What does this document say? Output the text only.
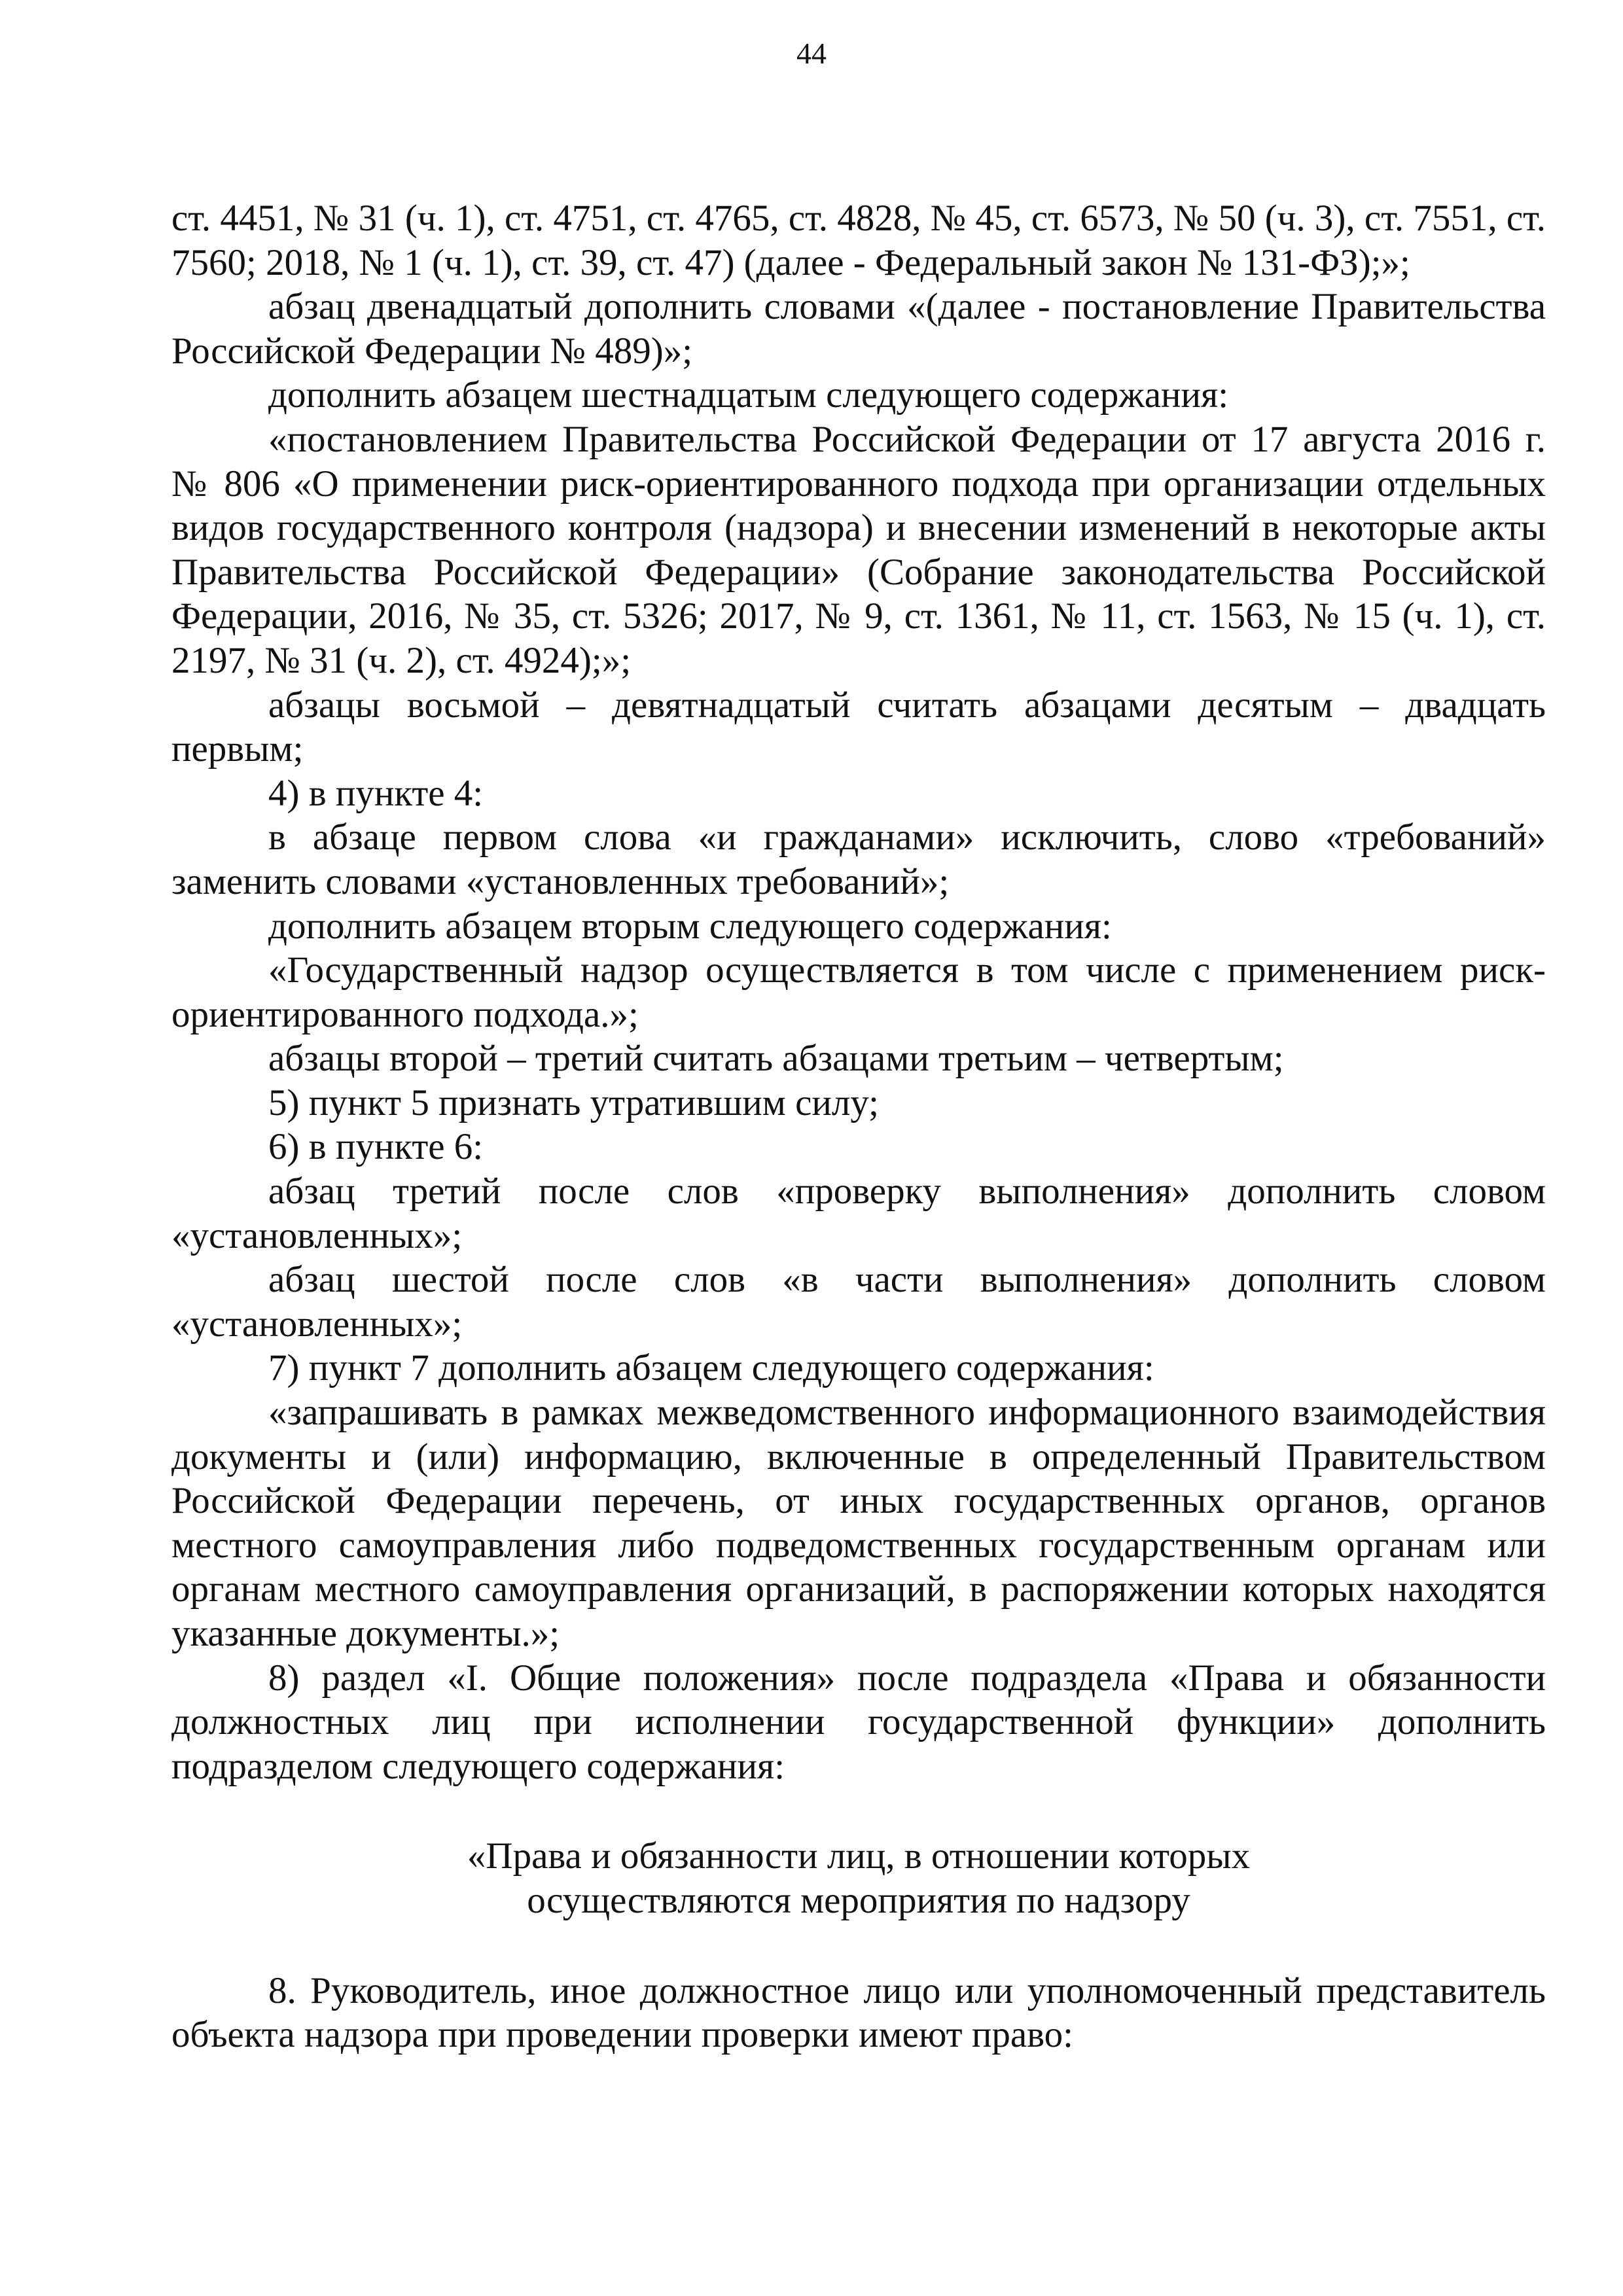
44

ст. 4451, № 31 (ч. 1), ст. 4751, ст. 4765, ст. 4828, № 45, ст. 6573, № 50 (ч. 3), ст. 7551, ст. 7560; 2018, № 1 (ч. 1), ст. 39, ст. 47) (далее - Федеральный закон № 131-ФЗ);»;

абзац двенадцатый дополнить словами «(далее - постановление Правительства Российской Федерации № 489)»;

дополнить абзацем шестнадцатым следующего содержания:

«постановлением Правительства Российской Федерации от 17 августа 2016 г. № 806 «О применении риск-ориентированного подхода при организации отдельных видов государственного контроля (надзора) и внесении изменений в некоторые акты Правительства Российской Федерации» (Собрание законодательства Российской Федерации, 2016, № 35, ст. 5326; 2017, № 9, ст. 1361, № 11, ст. 1563, № 15 (ч. 1), ст. 2197, № 31 (ч. 2), ст. 4924);»;

абзацы восьмой – девятнадцатый считать абзацами десятым – двадцать первым;

4) в пункте 4:

в абзаце первом слова «и гражданами» исключить, слово «требований» заменить словами «установленных требований»;

дополнить абзацем вторым следующего содержания:

«Государственный надзор осуществляется в том числе с применением риск-ориентированного подхода.»;

абзацы второй – третий считать абзацами третьим – четвертым;

5) пункт 5 признать утратившим силу;

6) в пункте 6:

абзац третий после слов «проверку выполнения» дополнить словом «установленных»;

абзац шестой после слов «в части выполнения» дополнить словом «установленных»;

7) пункт 7 дополнить абзацем следующего содержания:

«запрашивать в рамках межведомственного информационного взаимодействия документы и (или) информацию, включенные в определенный Правительством Российской Федерации перечень, от иных государственных органов, органов местного самоуправления либо подведомственных государственным органам или органам местного самоуправления организаций, в распоряжении которых находятся указанные документы.»;

8) раздел «I. Общие положения» после подраздела «Права и обязанности должностных лиц при исполнении государственной функции» дополнить подразделом следующего содержания:

«Права и обязанности лиц, в отношении которых
осуществляются мероприятия по надзору

8. Руководитель, иное должностное лицо или уполномоченный представитель объекта надзора при проведении проверки имеют право:
